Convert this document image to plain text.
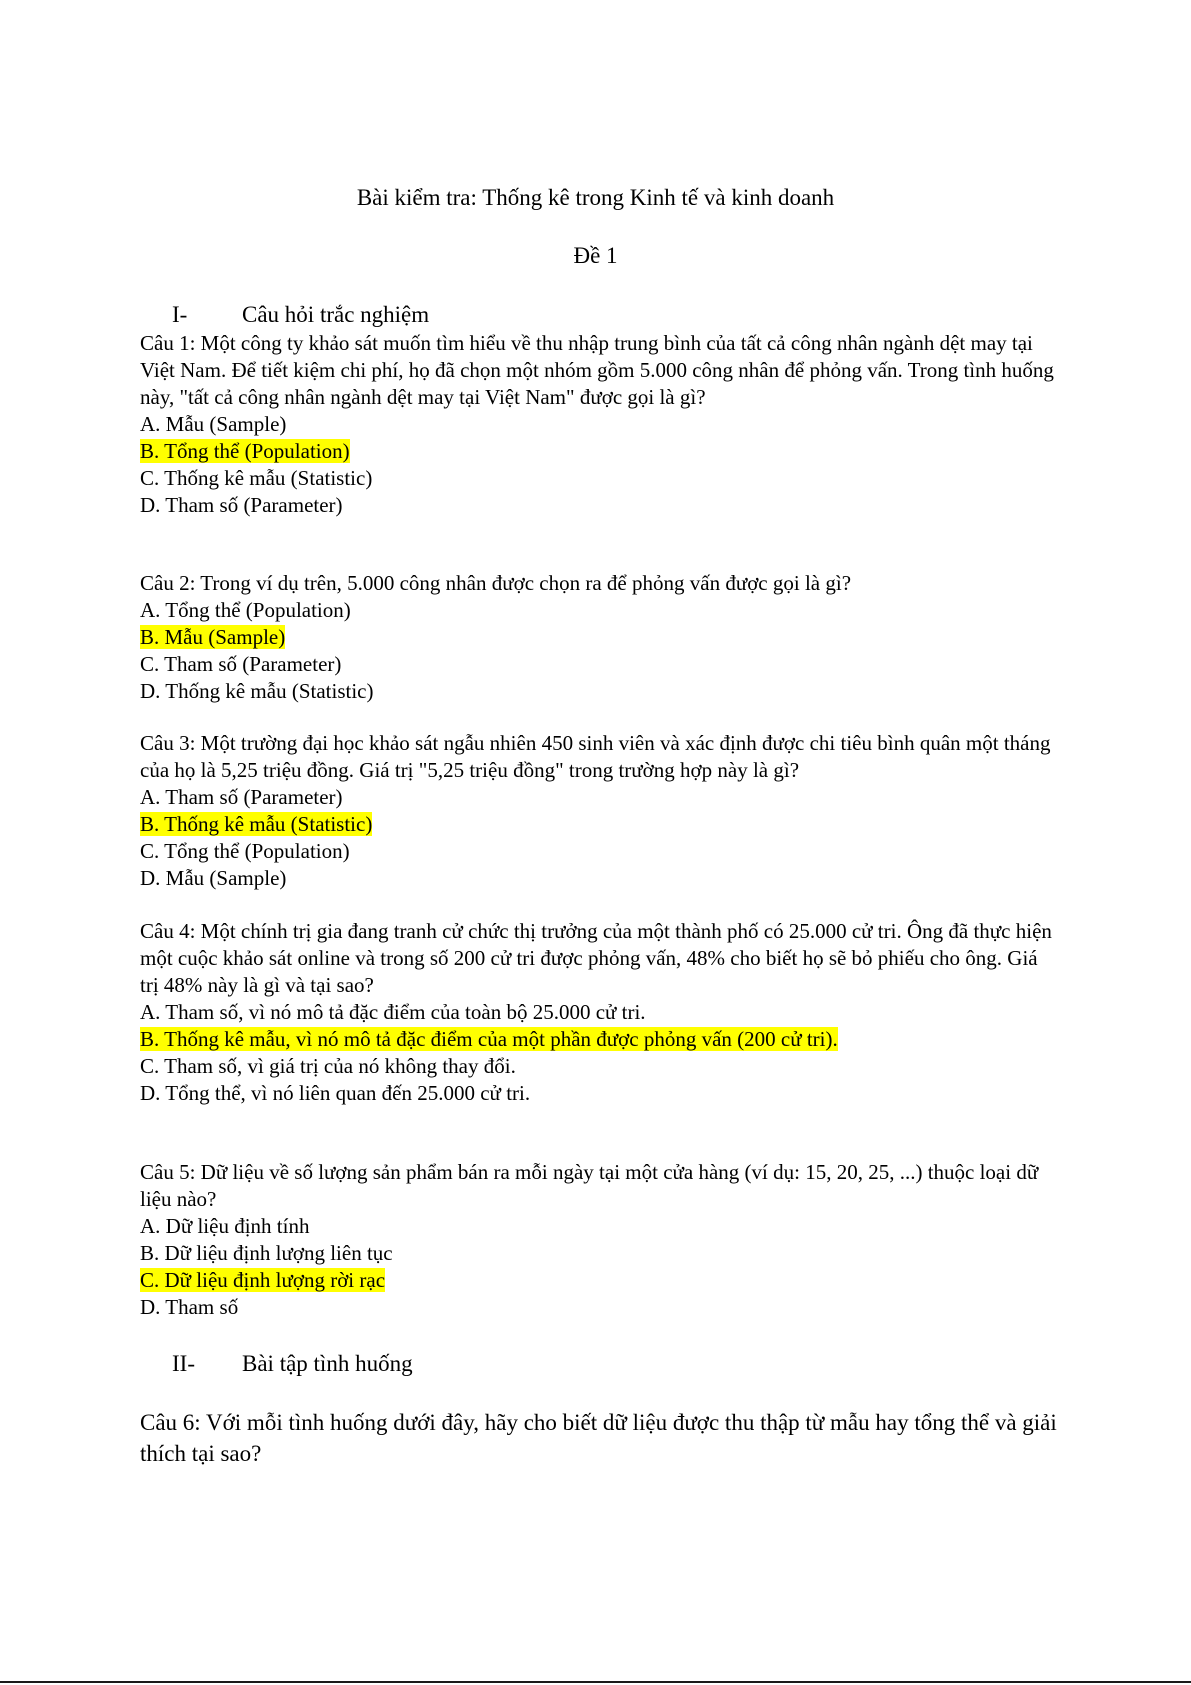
Bài kiểm tra: Thống kê trong Kinh tế và kinh doanh
Đề 1
I-	Câu hỏi trắc nghiệm
Câu 1: Một công ty khảo sát muốn tìm hiểu về thu nhập trung bình của tất cả công nhân ngành dệt may tại Việt Nam. Để tiết kiệm chi phí, họ đã chọn một nhóm gồm 5.000 công nhân để phỏng vấn. Trong tình huống này, "tất cả công nhân ngành dệt may tại Việt Nam" được gọi là gì?
A. Mẫu (Sample)
B. Tổng thể (Population)
C. Thống kê mẫu (Statistic)
D. Tham số (Parameter)
Câu 2: Trong ví dụ trên, 5.000 công nhân được chọn ra để phỏng vấn được gọi là gì?
A. Tổng thể (Population)
B. Mẫu (Sample)
C. Tham số (Parameter)
D. Thống kê mẫu (Statistic)
Câu 3: Một trường đại học khảo sát ngẫu nhiên 450 sinh viên và xác định được chi tiêu bình quân một tháng của họ là 5,25 triệu đồng. Giá trị "5,25 triệu đồng" trong trường hợp này là gì?
A. Tham số (Parameter)
B. Thống kê mẫu (Statistic)
C. Tổng thể (Population)
D. Mẫu (Sample)
Câu 4: Một chính trị gia đang tranh cử chức thị trưởng của một thành phố có 25.000 cử tri. Ông đã thực hiện một cuộc khảo sát online và trong số 200 cử tri được phỏng vấn, 48% cho biết họ sẽ bỏ phiếu cho ông. Giá trị 48% này là gì và tại sao?
A. Tham số, vì nó mô tả đặc điểm của toàn bộ 25.000 cử tri.
B. Thống kê mẫu, vì nó mô tả đặc điểm của một phần được phỏng vấn (200 cử tri).
C. Tham số, vì giá trị của nó không thay đổi.
D. Tổng thể, vì nó liên quan đến 25.000 cử tri.
Câu 5: Dữ liệu về số lượng sản phẩm bán ra mỗi ngày tại một cửa hàng (ví dụ: 15, 20, 25, ...) thuộc loại dữ liệu nào?
A. Dữ liệu định tính
B. Dữ liệu định lượng liên tục
C. Dữ liệu định lượng rời rạc
D. Tham số
II-	Bài tập tình huống
Câu 6: Với mỗi tình huống dưới đây, hãy cho biết dữ liệu được thu thập từ mẫu hay tổng thể và giải thích tại sao?
